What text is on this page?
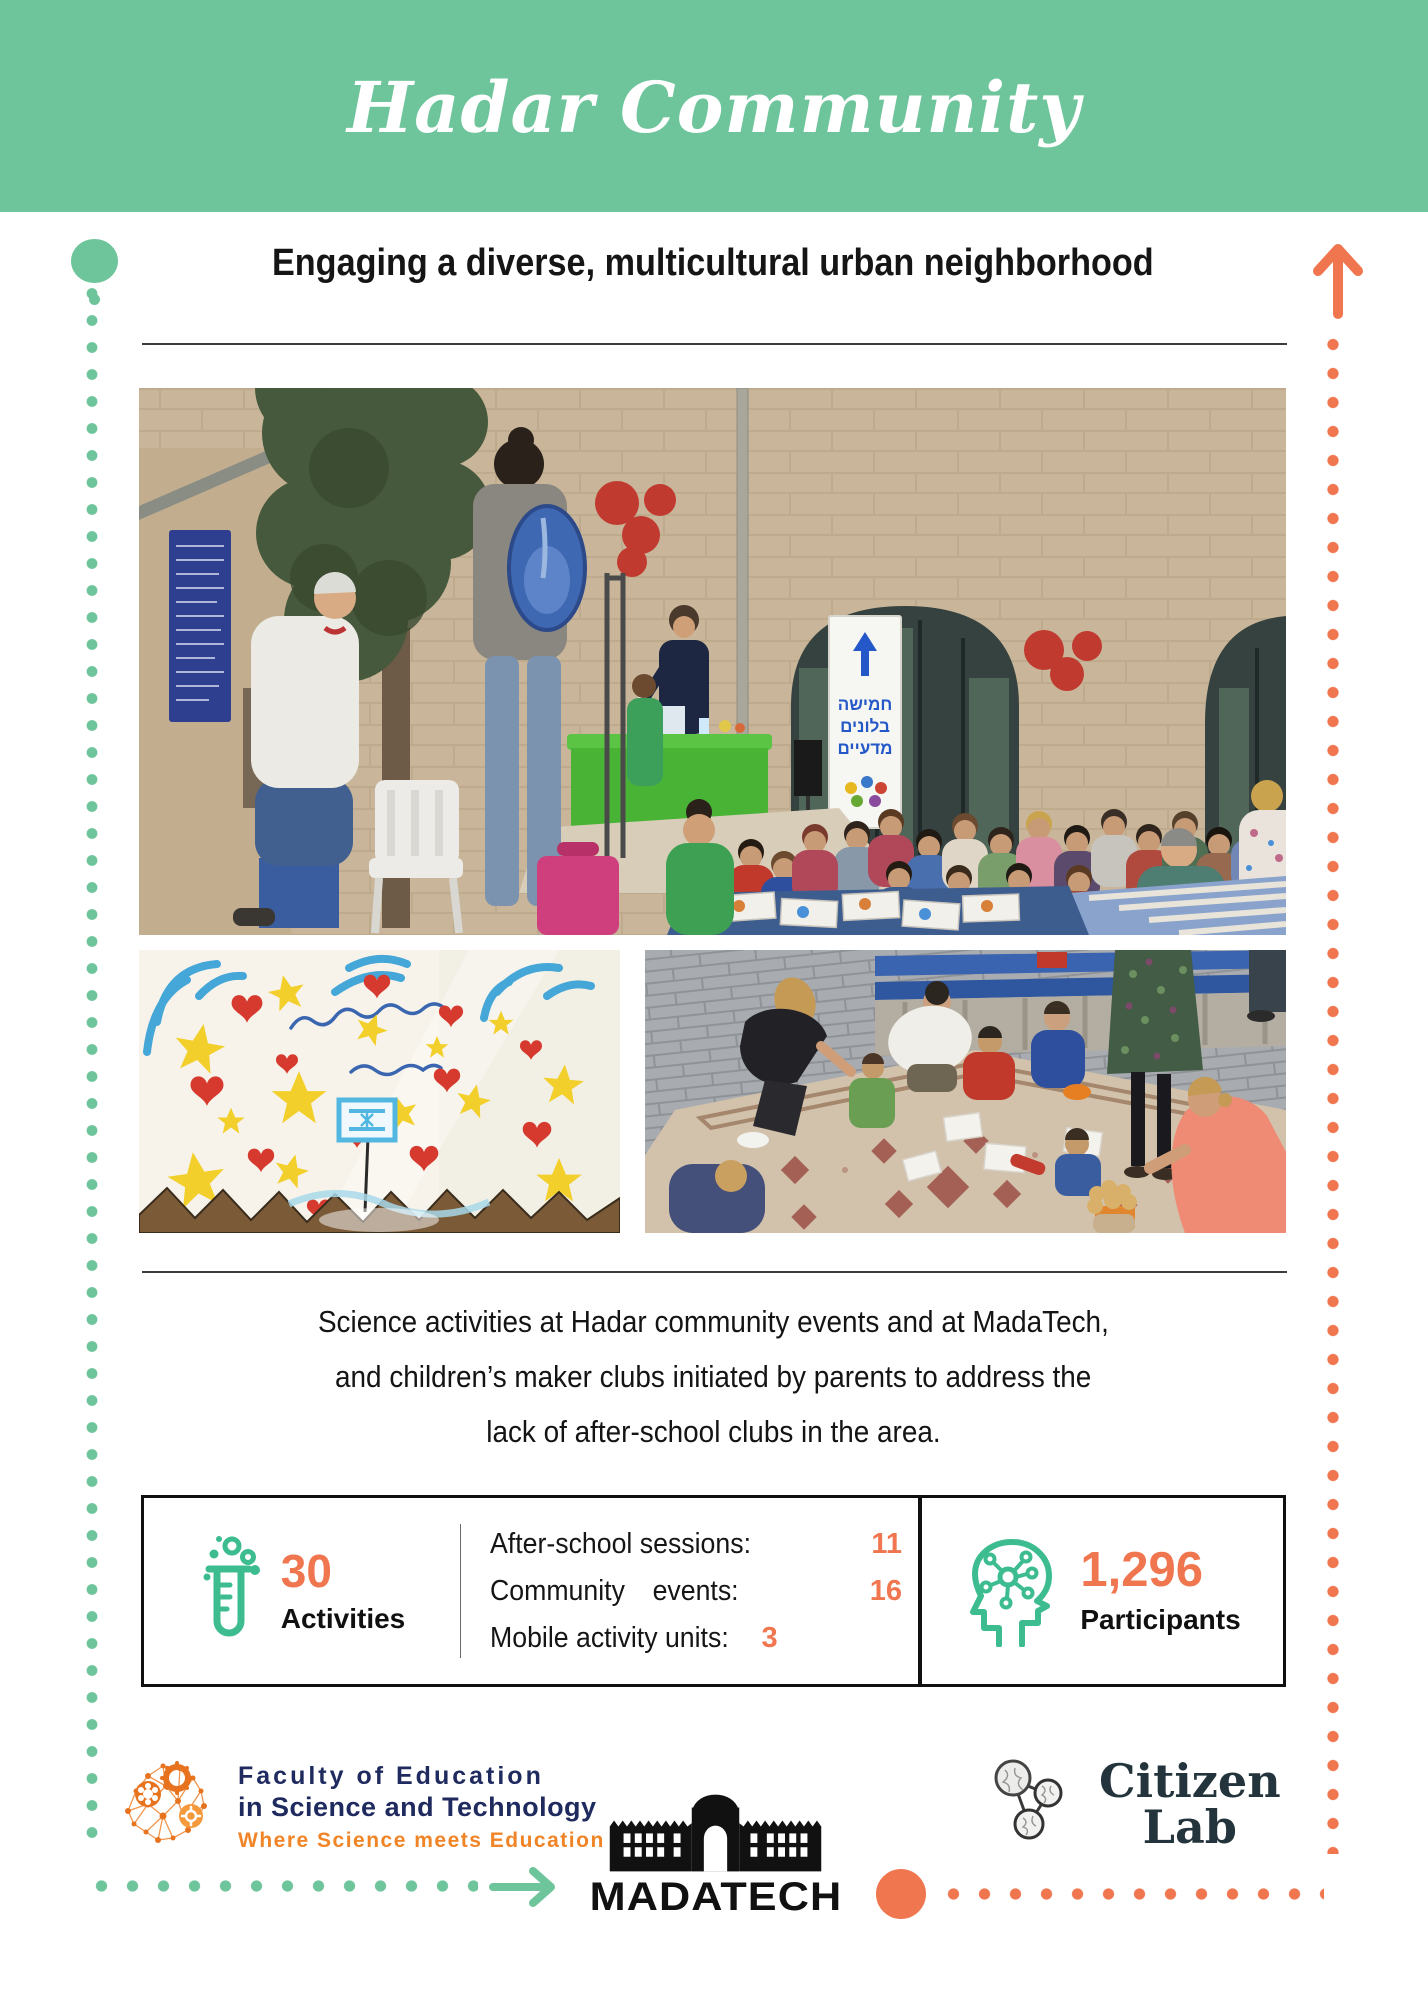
Hadar Community
Engaging a diverse, multicultural urban neighborhood
חמישה
בלונים
מדעיים

Science activities at Hadar community events and at MadaTech,
and children’s maker clubs initiated by parents to address the
lack of after-school clubs in the area.

30
Activities
After-school sessions:	11
Community events:	16
Mobile activity units: 3
1,296
Participants
Faculty of Education
in Science and Technology
Where Science meets Education
MADATECH
Citizen
Lab
